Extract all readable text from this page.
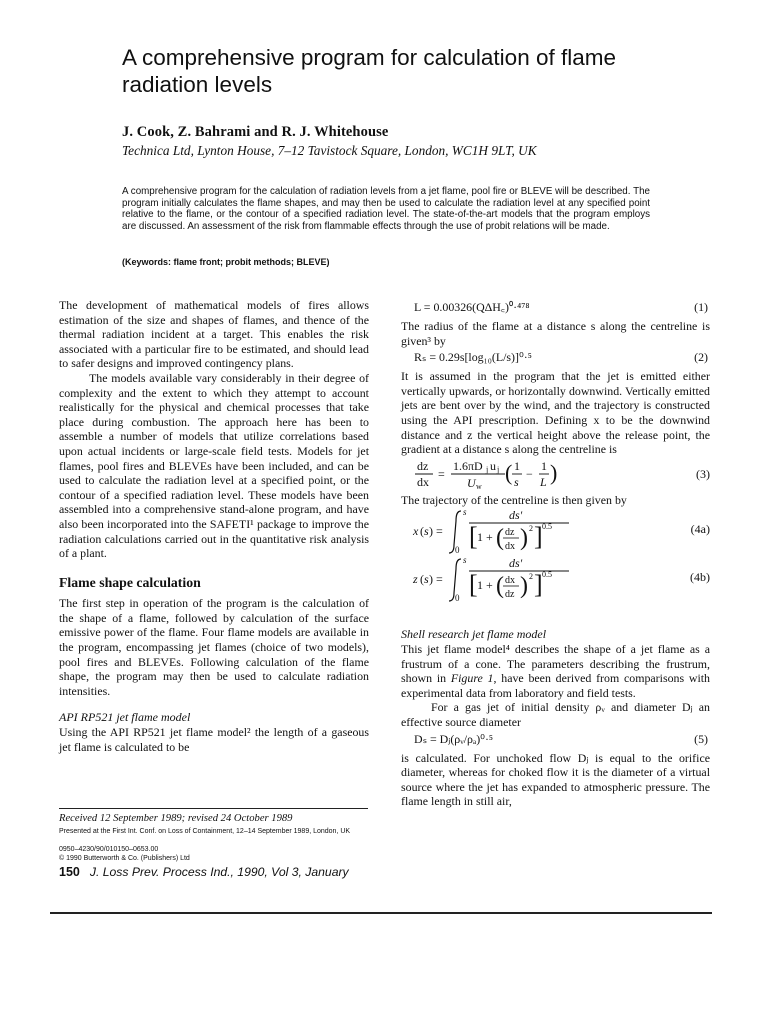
A comprehensive program for calculation of flame radiation levels
J. Cook, Z. Bahrami and R. J. Whitehouse
Technica Ltd, Lynton House, 7–12 Tavistock Square, London, WC1H 9LT, UK
A comprehensive program for the calculation of radiation levels from a jet flame, pool fire or BLEVE will be described. The program initially calculates the flame shapes, and may then be used to calculate the radiation level at any specified point relative to the flame, or the contour of a specified radiation level. The state-of-the-art models that the program employs are discussed. An assessment of the risk from flammable effects through the use of probit relations will be made.
(Keywords: flame front; probit methods; BLEVE)

The development of mathematical models of fires allows estimation of the size and shapes of flames, and thence of the thermal radiation incident at a target. This enables the risk associated with a particular fire to be estimated, and should lead to safer designs and improved contingency plans.

The models available vary considerably in their degree of complexity and the extent to which they attempt to account realistically for the physical and chemical processes that take place during combustion. The approach here has been to assemble a number of models that utilize correlations based upon actual incidents or large-scale field tests. Models for jet flames, pool fires and BLEVEs have been included, and can be used to calculate the radiation level at a specified point, or the contour of a specified radiation level. These models have been assembled into a comprehensive stand-alone program, and have also been incorporated into the SAFETI¹ package to improve the radiation calculations carried out in the quantitative risk analysis of a plant.

Flame shape calculation

The first step in operation of the program is the calculation of the shape of a flame, followed by calculation of the surface emissive power of the flame. Four flame models are available in the program, encompassing jet flames (choice of two models), pool fires and BLEVEs. Following calculation of the flame shape, the program may then be used to calculate radiation intensities.

API RP521 jet flame model

Using the API RP521 jet flame model² the length of a gaseous jet flame is calculated to be

L = 0.00326(QΔH꜀)⁰·⁴⁷⁸	(1)

The radius of the flame at a distance s along the centreline is given³ by

Rₛ = 0.29s[log₁₀(L/s)]⁰·⁵	(2)

It is assumed in the program that the jet is emitted either vertically upwards, or horizontally downwind. Vertically emitted jets are bent over by the wind, and the trajectory is constructed using the API prescription. Defining x to be the downwind distance and z the vertical height above the release point, the gradient at a distance s along the centreline is

dz
dx
=
1.6πD j u j
U w
( 1
s
−
1
L )	(3)

The trajectory of the centreline is then given by

x ( s ) =
s
0
ds'
[ 1 + ( dz
dx ) 2 ] 0.5	(4a)
z ( s ) =
s
0
ds'
[ 1 + ( dx
dz ) 2 ] 0.5	(4b)
Shell research jet flame model

This jet flame model⁴ describes the shape of a jet flame as a frustrum of a cone. The parameters describing the frustrum, shown in Figure 1, have been derived from comparisons with experimental data from laboratory and field tests.

For a gas jet of initial density ρᵥ and diameter Dⱼ an effective source diameter

Dₛ = Dⱼ(ρᵥ/ρₐ)⁰·⁵	(5)

is calculated. For unchoked flow Dⱼ is equal to the orifice diameter, whereas for choked flow it is the diameter of a virtual source where the jet has expanded to atmospheric pressure. The flame length in still air,

Received 12 September 1989; revised 24 October 1989
Presented at the First Int. Conf. on Loss of Containment, 12–14 September 1989, London, UK
0950–4230/90/010150–0653.00
© 1990 Butterworth & Co. (Publishers) Ltd
150 J. Loss Prev. Process Ind., 1990, Vol 3, January
